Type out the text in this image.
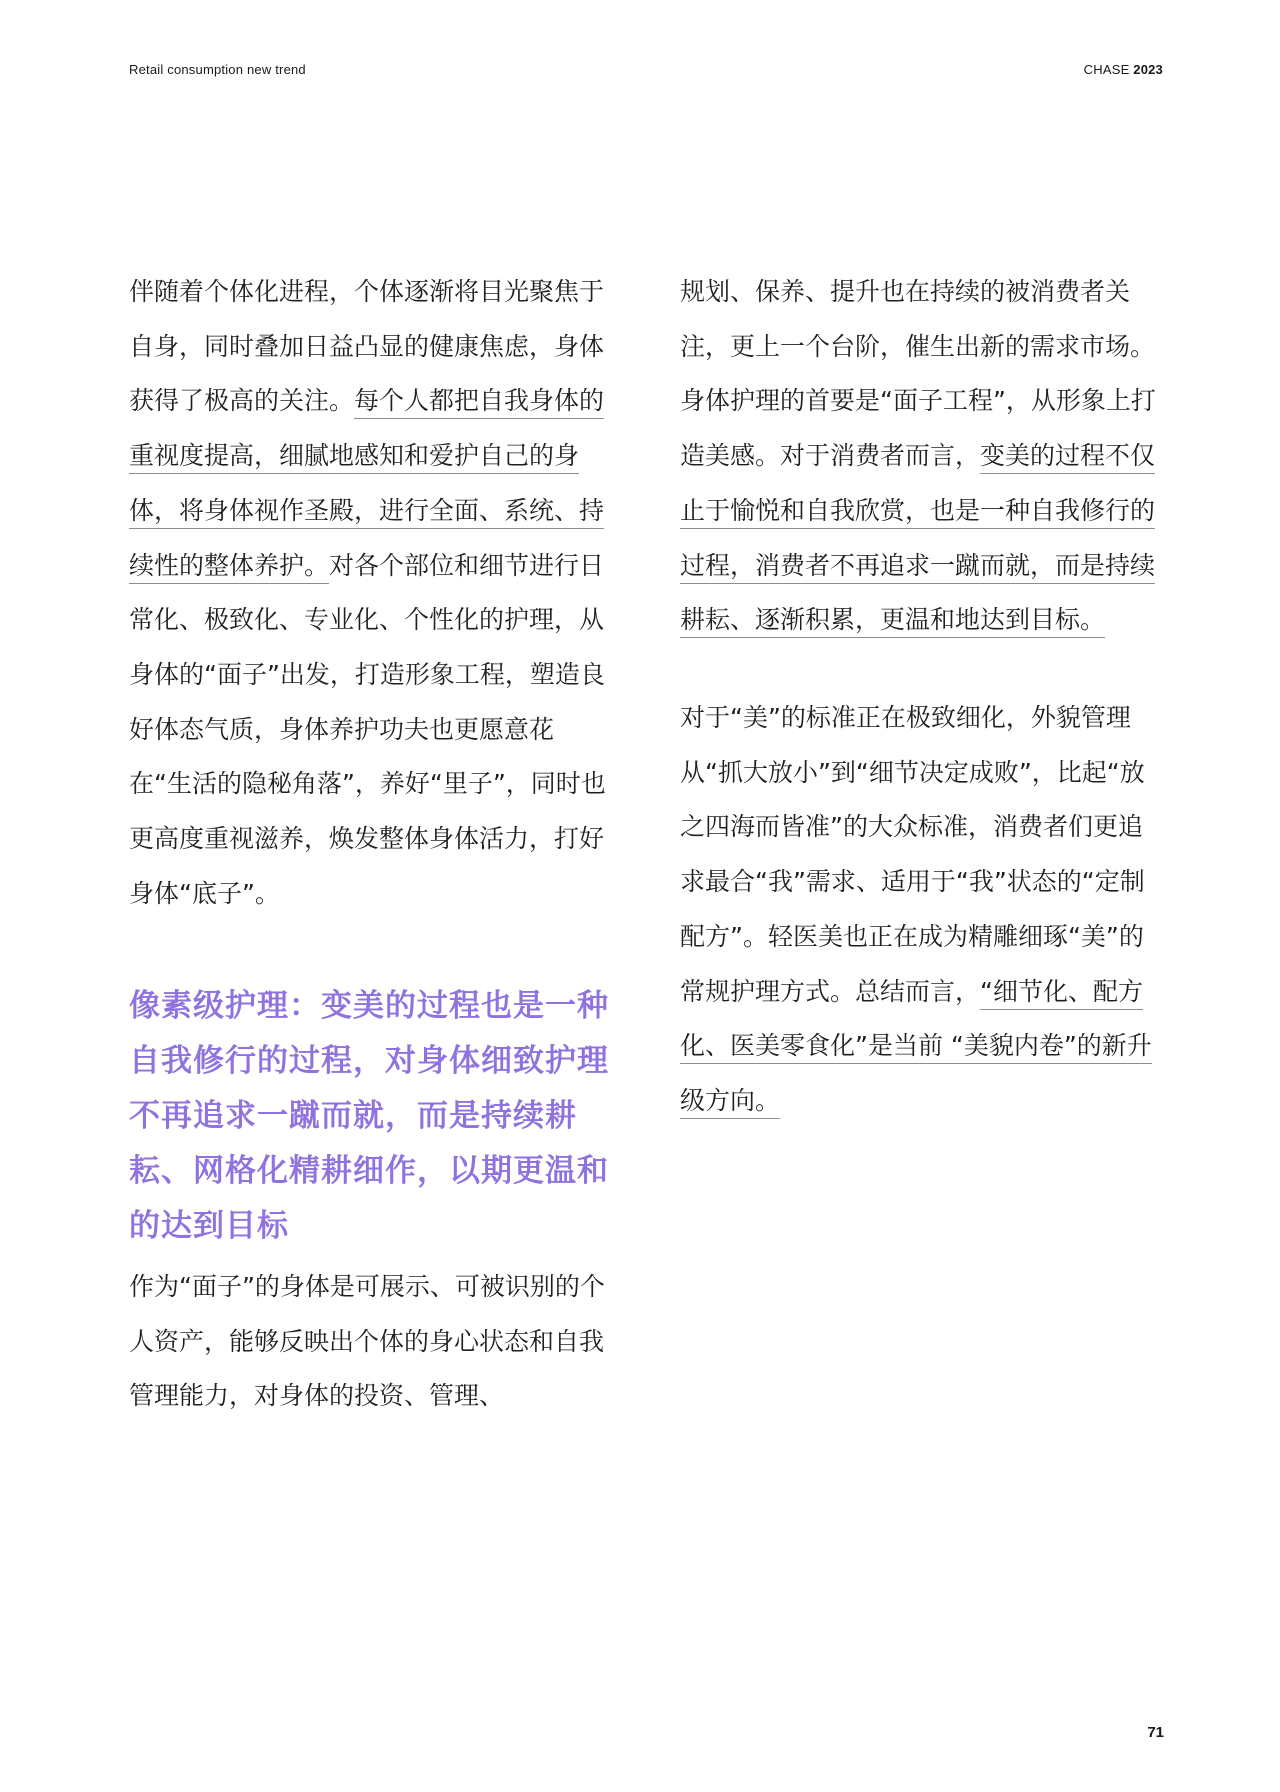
Retail consumption new trend	CHASE 2023

伴随着个体化进程，个体逐渐将目光聚焦于自身，同时叠加日益凸显的健康焦虑，身体获得了极高的关注。每个人都把自我身体的重视度提高，细腻地感知和爱护自己的身体，将身体视作圣殿，进行全面、系统、持续性的整体养护。对各个部位和细节进行日常化、极致化、专业化、个性化的护理，从身体的“面子”出发，打造形象工程，塑造良好体态气质，身体养护功夫也更愿意花在“生活的隐秘角落”，养好“里子”，同时也更高度重视滋养，焕发整体身体活力，打好身体“底子”。

像素级护理：变美的过程也是一种自我修行的过程，对身体细致护理不再追求一蹴而就，而是持续耕耘、网格化精耕细作，以期更温和的达到目标

作为“面子”的身体是可展示、可被识别的个人资产，能够反映出个体的身心状态和自我管理能力，对身体的投资、管理、

规划、保养、提升也在持续的被消费者关注，更上一个台阶，催生出新的需求市场。身体护理的首要是“面子工程”，从形象上打造美感。对于消费者而言，变美的过程不仅止于愉悦和自我欣赏，也是一种自我修行的过程，消费者不再追求一蹴而就，而是持续耕耘、逐渐积累，更温和地达到目标。

对于“美”的标准正在极致细化，外貌管理从“抓大放小”到“细节决定成败”，比起“放之四海而皆准”的大众标准，消费者们更追求最合“我”需求、适用于“我”状态的“定制配方”。轻医美也正在成为精雕细琢“美”的常规护理方式。总结而言，“细节化、配方化、医美零食化”是当前 “美貌内卷”的新升级方向。

71
